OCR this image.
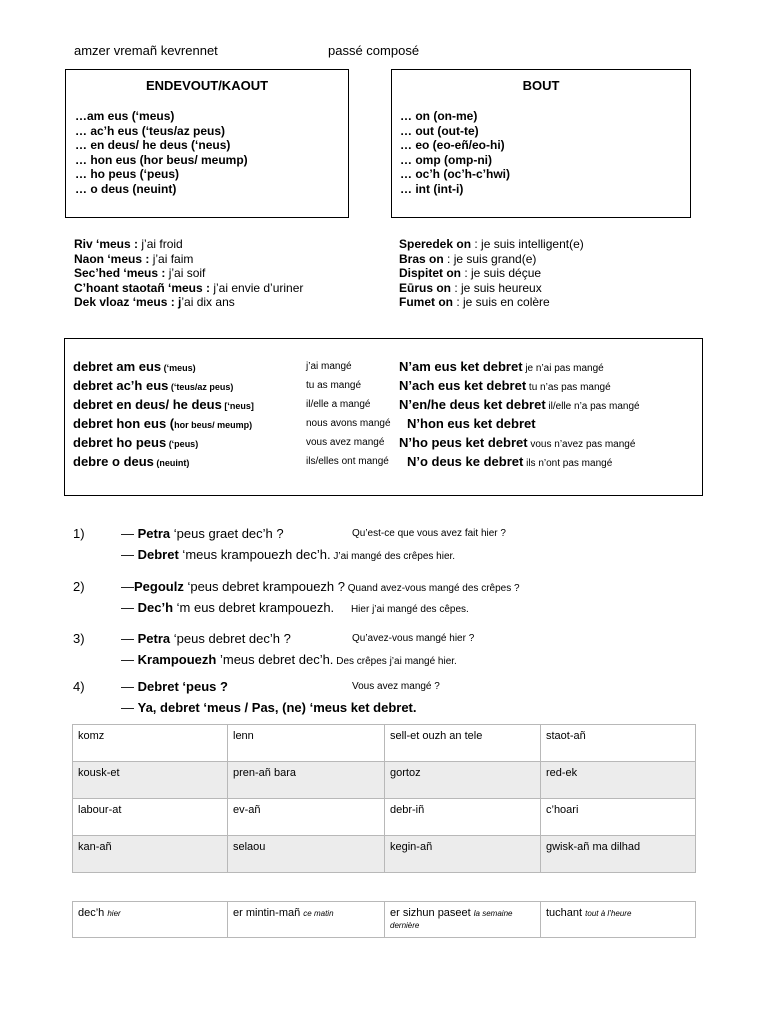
amzer vremañ kevrennet	passé composé
ENDEVOUT/KAOUT
…am eus (‘meus)
… ac’h eus (‘teus/az peus)
… en deus/ he deus (‘neus)
… hon eus (hor beus/ meump)
… ho peus (‘peus)
… o deus (neuint)
BOUT
… on (on-me)
… out (out-te)
… eo (eo-eñ/eo-hi)
… omp (omp-ni)
… oc’h (oc’h-c’hwi)
… int (int-i)
Riv ‘meus : j’ai froid
Naon ‘meus : j’ai faim
Sec’hed ‘meus : j’ai soif
C’hoant staotañ ‘meus : j’ai envie d’uriner
Dek vloaz ‘meus : j’ai dix ans
Speredek on : je suis intelligent(e)
Bras on : je suis grand(e)
Dispitet on : je suis déçue
Eūrus on : je suis heureux
Fumet on : je suis en colère
debret am eus (‘meus)	j’ai mangé	N’am eus ket debret je n’ai pas mangé
debret ac’h eus (‘teus/az peus)	tu as mangé	N’ach eus ket debret tu n’as pas mangé
debret en deus/ he deus [‘neus]	il/elle a mangé N’en/he deus ket debret il/elle n’a pas mangé
debret hon eus (hor beus/ meump)	nous avons mangé N’hon eus ket debret
debret ho peus (‘peus)	vous avez mangé N’ho peus ket debret vous n’avez pas mangé
debre o deus (neuint)	ils/elles ont mangé N’o deus ke debret ils n’ont pas mangé
1)	— Petra ‘peus graet dec’h ?	Qu’est-ce que vous avez fait hier ?
— Debret ‘meus krampouezh dec’h. J’ai mangé des crêpes hier.
2)	—Pegoulz ‘peus debret krampouezh ? Quand avez-vous mangé des crêpes ?
— Dec’h ‘m eus debret krampouezh. Hier j’ai mangé des cêpes.
3)	— Petra ‘peus debret dec’h ?	Qu’avez-vous mangé hier ?
— Krampouezh ’meus debret dec’h. Des crêpes j’ai mangé hier.
4)	— Debret ‘peus ?	Vous avez mangé ?
— Ya, debret ‘meus / Pas, (ne) ‘meus ket debret.
komz	lenn	sell-et ouzh an tele	staot-añ
kousk-et	pren-añ bara	gortoz	red-ek
labour-at	ev-añ	debr-iñ	c’hoari
kan-añ	selaou	kegin-añ	gwisk-añ ma dilhad
dec’h hier	er mintin-mañ ce matin	er sizhun paseet la semaine dernière	tuchant tout à l’heure
